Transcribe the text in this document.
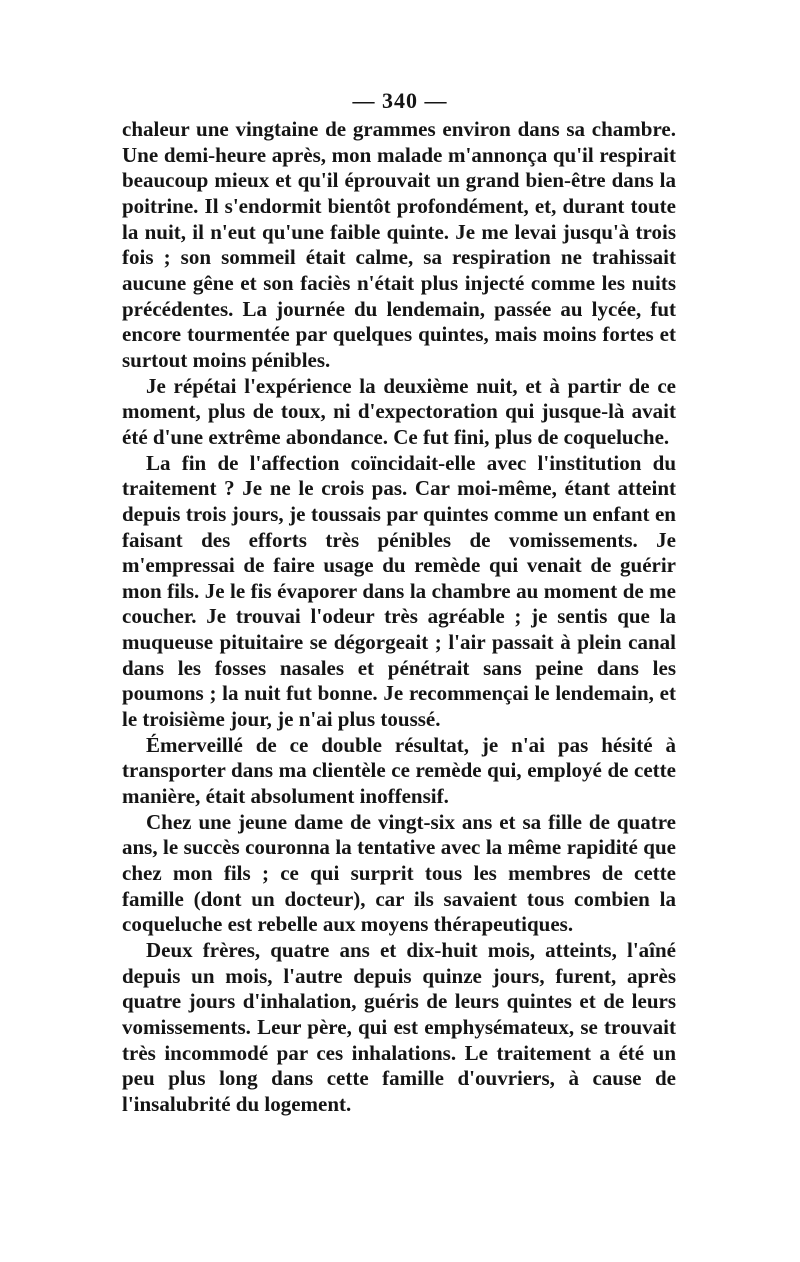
— 340 —

chaleur une vingtaine de grammes environ dans sa chambre. Une demi-heure après, mon malade m'annonça qu'il respirait beaucoup mieux et qu'il éprouvait un grand bien-être dans la poitrine. Il s'endormit bientôt profondément, et, durant toute la nuit, il n'eut qu'une faible quinte. Je me levai jusqu'à trois fois ; son sommeil était calme, sa respiration ne trahissait aucune gêne et son faciès n'était plus injecté comme les nuits précédentes. La journée du lendemain, passée au lycée, fut encore tourmentée par quelques quintes, mais moins fortes et surtout moins pénibles.

Je répétai l'expérience la deuxième nuit, et à partir de ce moment, plus de toux, ni d'expectoration qui jusque-là avait été d'une extrême abondance. Ce fut fini, plus de coqueluche.

La fin de l'affection coïncidait-elle avec l'institution du traitement ? Je ne le crois pas. Car moi-même, étant atteint depuis trois jours, je toussais par quintes comme un enfant en faisant des efforts très pénibles de vomissements. Je m'empressai de faire usage du remède qui venait de guérir mon fils. Je le fis évaporer dans la chambre au moment de me coucher. Je trouvai l'odeur très agréable ; je sentis que la muqueuse pituitaire se dégorgeait ; l'air passait à plein canal dans les fosses nasales et pénétrait sans peine dans les poumons ; la nuit fut bonne. Je recommençai le lendemain, et le troisième jour, je n'ai plus toussé.

Émerveillé de ce double résultat, je n'ai pas hésité à transporter dans ma clientèle ce remède qui, employé de cette manière, était absolument inoffensif.

Chez une jeune dame de vingt-six ans et sa fille de quatre ans, le succès couronna la tentative avec la même rapidité que chez mon fils ; ce qui surprit tous les membres de cette famille (dont un docteur), car ils savaient tous combien la coqueluche est rebelle aux moyens thérapeutiques.

Deux frères, quatre ans et dix-huit mois, atteints, l'aîné depuis un mois, l'autre depuis quinze jours, furent, après quatre jours d'inhalation, guéris de leurs quintes et de leurs vomissements. Leur père, qui est emphysémateux, se trouvait très incommodé par ces inhalations. Le traitement a été un peu plus long dans cette famille d'ouvriers, à cause de l'insalubrité du logement.
